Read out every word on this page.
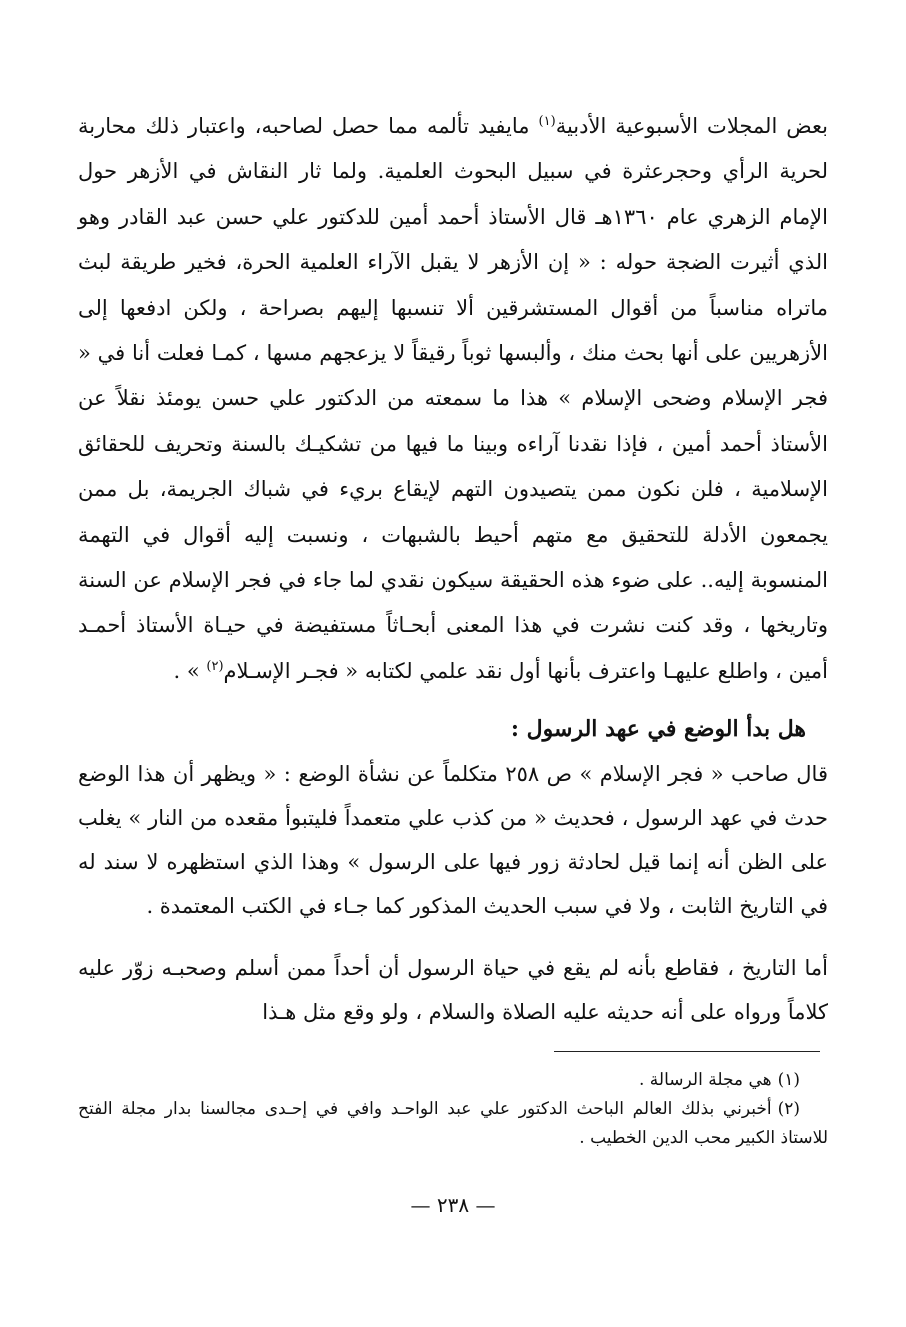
بعض المجلات الأسبوعية الأدبية$^{(١)}$ مايفيد تألمه مما حصل لصاحبه، واعتبار ذلك محاربة لحرية الرأي وحجرعثرة في سبيل البحوث العلمية. ولما ثار النقاش في الأزهر حول الإمام الزهري عام ١٣٦٠هـ قال الأستاذ أحمد أمين للدكتور علي حسن عبد القادر وهو الذي أثيرت الضجة حوله : « إن الأزهر لا يقبل الآراء العلمية الحرة، فخير طريقة لبث ماتراه مناسباً من أقوال المستشرقين ألا تنسبها إليهم بصراحة ، ولكن ادفعها إلى الأزهريين على أنها بحث منك ، وألبسها ثوباً رقيقاً لا يزعجهم مسها ، كمـا فعلت أنا في « فجر الإسلام وضحى الإسلام » هذا ما سمعته من الدكتور علي حسن يومئذ نقلاً عن الأستاذ أحمد أمين ، فإذا نقدنا آراءه وبينا ما فيها من تشكيـك بالسنة وتحريف للحقائق الإسلامية ، فلن نكون ممن يتصيدون التهم لإيقاع بريء في شباك الجريمة، بل ممن يجمعون الأدلة للتحقيق مع متهم أحيط بالشبهات ، ونسبت إليه أقوال في التهمة المنسوبة إليه.. على ضوء هذه الحقيقة سيكون نقدي لما جاء في فجر الإسلام عن السنة وتاريخها ، وقد كنت نشرت في هذا المعنى أبحـاثاً مستفيضة في حيـاة الأستاذ أحمـد أمين ، واطلع عليهـا واعترف بأنها أول نقد علمي لكتابه « فجـر الإسـلام$^{(٢)}$ » .

هل بدأ الوضع في عهد الرسول :

قال صاحب « فجر الإسلام » ص ٢٥٨ متكلماً عن نشأة الوضع : « ويظهر أن هذا الوضع حدث في عهد الرسول ، فحديث « من كذب علي متعمداً فليتبوأ مقعده من النار » يغلب على الظن أنه إنما قيل لحادثة زور فيها على الرسول » وهذا الذي استظهره لا سند له في التاريخ الثابت ، ولا في سبب الحديث المذكور كما جـاء في الكتب المعتمدة .

أما التاريخ ، فقاطع بأنه لم يقع في حياة الرسول أن أحداً ممن أسلم وصحبـه زوّر عليه كلاماً ورواه على أنه حديثه عليه الصلاة والسلام ، ولو وقع مثل هـذا

(١)هي مجلة الرسالة .

(٢)أخبرني بذلك العالم الباحث الدكتور علي عبد الواحـد وافي في إحـدى مجالسنا بدار مجلة الفتح للاستاذ الكبير محب الدين الخطيب .

— ٢٣٨ —
